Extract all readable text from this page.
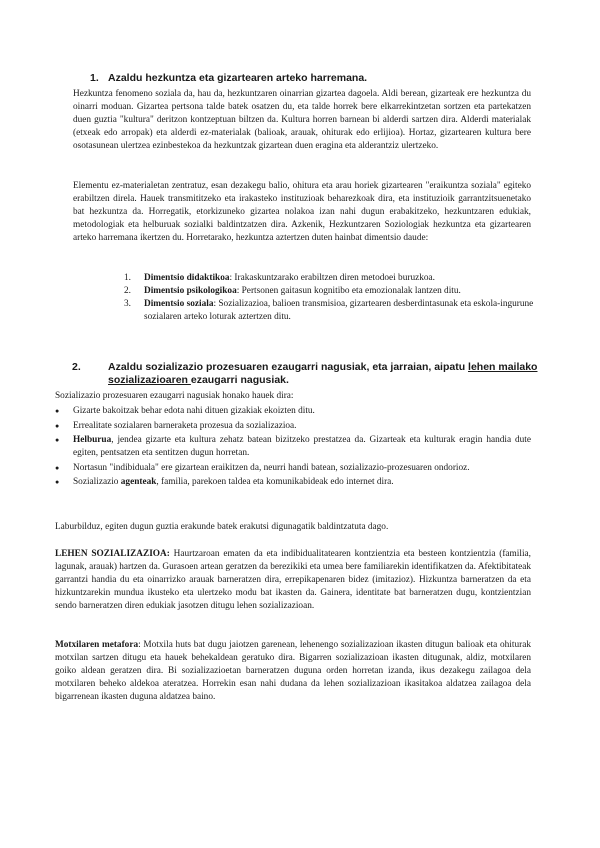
1. Azaldu hezkuntza eta gizartearen arteko harremana.

Hezkuntza fenomeno soziala da, hau da, hezkuntzaren oinarrian gizartea dagoela. Aldi berean, gizarteak ere hezkuntza du oinarri moduan. Gizartea pertsona talde batek osatzen du, eta talde horrek bere elkarrekintzetan sortzen eta partekatzen duen guztia "kultura" deritzon kontzeptuan biltzen da. Kultura horren barnean bi alderdi sartzen dira. Alderdi materialak (etxeak edo arropak) eta alderdi ez-materialak (balioak, arauak, ohiturak edo erlijioa). Hortaz, gizartearen kultura bere osotasunean ulertzea ezinbestekoa da hezkuntzak gizartean duen eragina eta alderantziz ulertzeko.

Elementu ez-materialetan zentratuz, esan dezakegu balio, ohitura eta arau horiek gizartearen "eraikuntza soziala" egiteko erabiltzen direla. Hauek transmititzeko eta irakasteko instituzioak beharezkoak dira, eta instituzioik garrantzitsuenetako bat hezkuntza da. Horregatik, etorkizuneko gizartea nolakoa izan nahi dugun erabakitzeko, hezkuntzaren edukiak, metodologiak eta helburuak sozialki baldintzatzen dira. Azkenik, Hezkuntzaren Soziologiak hezkuntza eta gizartearen arteko harremana ikertzen du. Horretarako, hezkuntza aztertzen duten hainbat dimentsio daude:

1. Dimentsio didaktikoa: Irakaskuntzarako erabiltzen diren metodoei buruzkoa.
2. Dimentsio psikologikoa: Pertsonen gaitasun kognitibo eta emozionalak lantzen ditu.
3. Dimentsio soziala: Sozializazioa, balioen transmisioa, gizartearen desberdintasunak eta eskola-ingurune sozialaren arteko loturak aztertzen ditu.
2.	Azaldu sozializazio prozesuaren ezaugarri nagusiak, eta jarraian, aipatu lehen mailako sozializazioaren ezaugarri nagusiak.

Sozializazio prozesuaren ezaugarri nagusiak honako hauek dira:

● Gizarte bakoitzak behar edota nahi dituen gizakiak ekoizten ditu.
● Errealitate sozialaren barneraketa prozesua da sozializazioa.
● Helburua, jendea gizarte eta kultura zehatz batean bizitzeko prestatzea da. Gizarteak eta kulturak eragin handia dute egiten, pentsatzen eta sentitzen dugun horretan.
● Nortasun "indibiduala" ere gizartean eraikitzen da, neurri handi batean, sozializazio-prozesuaren ondorioz.
● Sozializazio agenteak, familia, parekoen taldea eta komunikabideak edo internet dira.

Laburbilduz, egiten dugun guztia erakunde batek erakutsi digunagatik baldintzatuta dago.

LEHEN SOZIALIZAZIOA: Haurtzaroan ematen da eta indibidualitatearen kontzientzia eta besteen kontzientzia (familia, lagunak, arauak) hartzen da. Gurasoen artean geratzen da berezikiki eta umea bere familiarekin identifikatzen da. Afektibitateak garrantzi handia du eta oinarrizko arauak barneratzen dira, errepikapenaren bidez (imitazioz). Hizkuntza barneratzen da eta hizkuntzarekin mundua ikusteko eta ulertzeko modu bat ikasten da. Gainera, identitate bat barneratzen dugu, kontzientzian sendo barneratzen diren edukiak jasotzen ditugu lehen sozializazioan.

Motxilaren metafora: Motxila huts bat dugu jaiotzen garenean, lehenengo sozializazioan ikasten ditugun balioak eta ohiturak motxilan sartzen ditugu eta hauek behekaldean geratuko dira. Bigarren sozializazioan ikasten ditugunak, aldiz, motxilaren goiko aldean geratzen dira. Bi sozializazioetan barneratzen duguna orden horretan izanda, ikus dezakegu zailagoa dela motxilaren beheko aldekoa ateratzea. Horrekin esan nahi dudana da lehen sozializazioan ikasitakoa aldatzea zailagoa dela bigarrenean ikasten duguna aldatzea baino.
